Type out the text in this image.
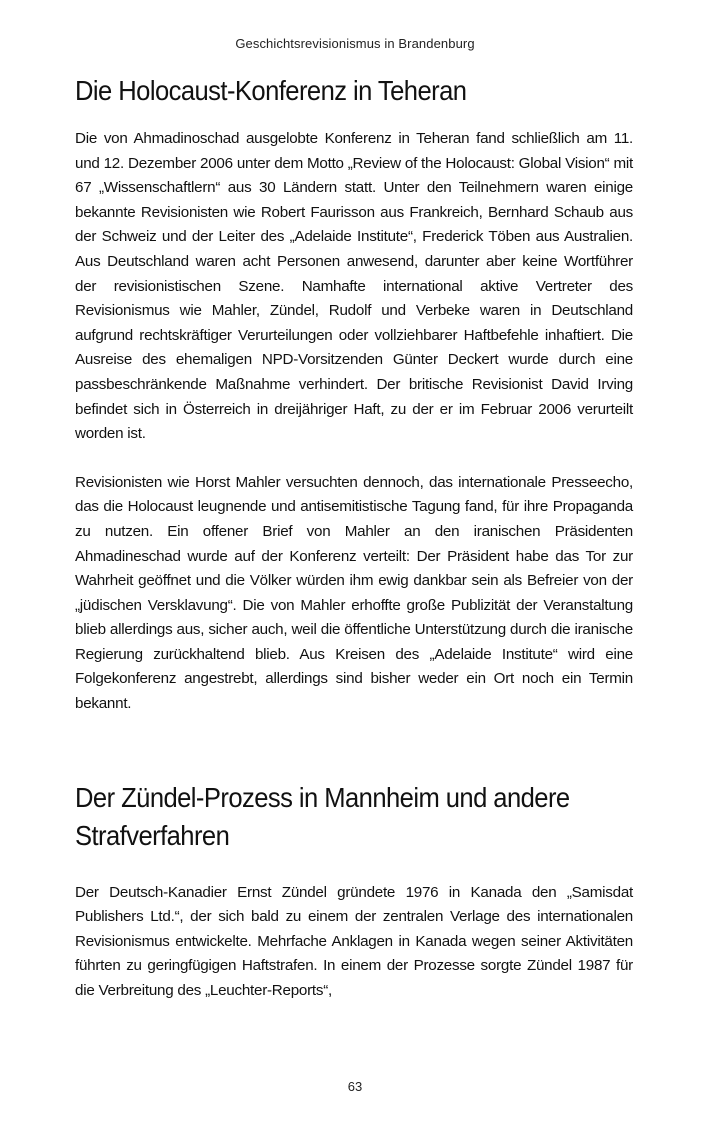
Geschichtsrevisionismus in Brandenburg
Die Holocaust-Konferenz in Teheran

Die von Ahmadinoschad ausgelobte Konferenz in Teheran fand schließlich am 11. und 12. Dezember 2006 unter dem Motto „Review of the Holocaust: Global Vision“ mit 67 „Wissenschaftlern“ aus 30 Ländern statt. Unter den Teilnehmern waren einige bekannte Revisionisten wie Robert Faurisson aus Frankreich, Bernhard Schaub aus der Schweiz und der Leiter des „Adelaide Institute“, Frederick Töben aus Australien. Aus Deutschland waren acht Personen anwesend, darunter aber keine Wortführer der revisionistischen Szene. Namhafte international aktive Vertreter des Revisionismus wie Mahler, Zündel, Rudolf und Verbeke waren in Deutschland aufgrund rechtskräftiger Verurteilungen oder vollziehbarer Haftbefehle inhaftiert. Die Ausreise des ehemaligen NPD-Vorsitzenden Günter Deckert wurde durch eine passbeschränkende Maßnahme verhindert. Der britische Revisionist David Irving befindet sich in Österreich in dreijähriger Haft, zu der er im Februar 2006 verurteilt worden ist.

Revisionisten wie Horst Mahler versuchten dennoch, das internationale Presseecho, das die Holocaust leugnende und antisemitistische Tagung fand, für ihre Propaganda zu nutzen. Ein offener Brief von Mahler an den iranischen Präsidenten Ahmadineschad wurde auf der Konferenz verteilt: Der Präsident habe das Tor zur Wahrheit geöffnet und die Völker würden ihm ewig dankbar sein als Befreier von der „jüdischen Versklavung“. Die von Mahler erhoffte große Publizität der Veranstaltung blieb allerdings aus, sicher auch, weil die öffentliche Unterstützung durch die iranische Regierung zurückhaltend blieb. Aus Kreisen des „Adelaide Institute“ wird eine Folgekonferenz angestrebt, allerdings sind bisher weder ein Ort noch ein Termin bekannt.

Der Zündel-Prozess in Mannheim und andere Strafverfahren

Der Deutsch-Kanadier Ernst Zündel gründete 1976 in Kanada den „Samisdat Publishers Ltd.“, der sich bald zu einem der zentralen Verlage des internationalen Revisionismus entwickelte. Mehrfache Anklagen in Kanada wegen seiner Aktivitäten führten zu geringfügigen Haftstrafen. In einem der Prozesse sorgte Zündel 1987 für die Verbreitung des „Leuchter-Reports“,

63
